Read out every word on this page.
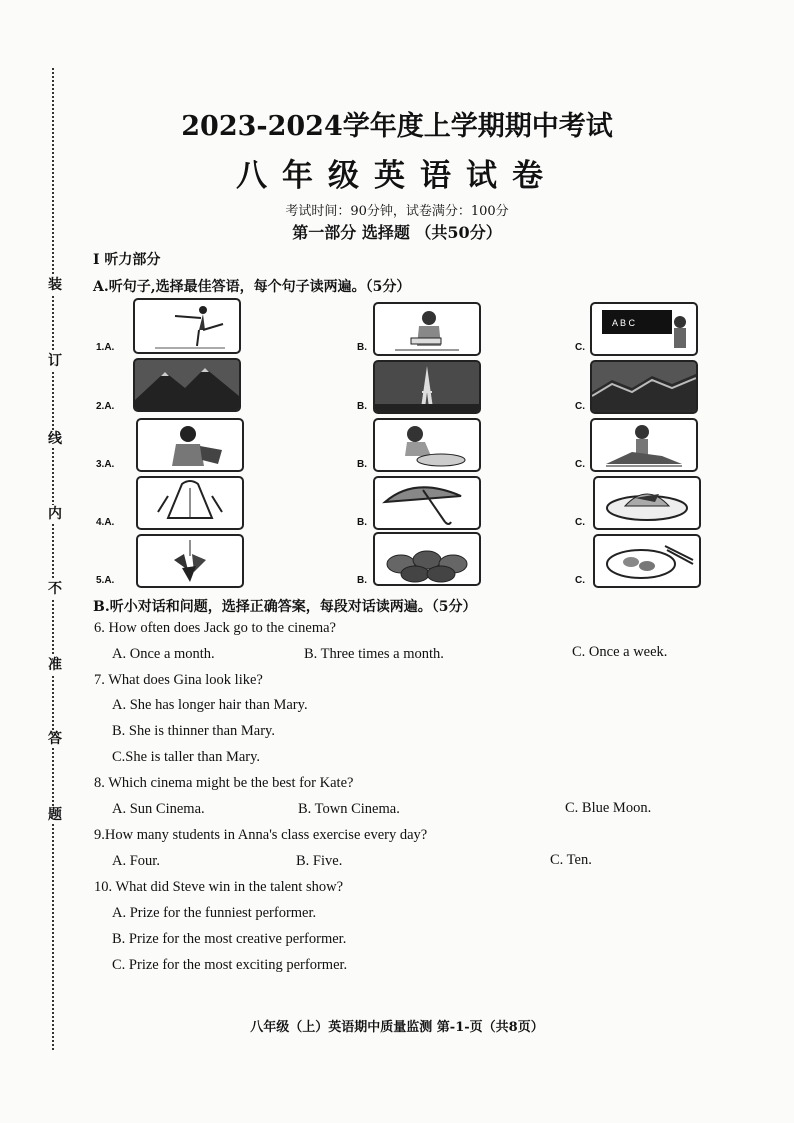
装
订
线
内
不
准
答
题
2023-2024学年度上学期期中考试
八年级英语试卷
考试时间：90分钟，试卷满分：100分
第一部分 选择题 （共50分）
I 听力部分
A.听句子,选择最佳答语，每个句子读两遍。（5分）
1.A.	B.	C.
A B C
2.A.	B.	C.
3.A.	B.	C.
4.A.	B.	C.
5.A.	B.	C.
B.听小对话和问题，选择正确答案，每段对话读两遍。（5分）
6. How often does Jack go to the cinema?
A. Once a month.	B. Three times a month.	C. Once a week.
7. What does Gina look like?
A. She has longer hair than Mary.
B. She is thinner than Mary.
C.She is taller than Mary.
8. Which cinema might be the best for Kate?
A. Sun Cinema.	B. Town Cinema.	C. Blue Moon.
9.How many students in Anna's class exercise every day?
A. Four.	B. Five.	C. Ten.
10. What did Steve win in the talent show?
A. Prize for the funniest performer.
B. Prize for the most creative performer.
C. Prize for the most exciting performer.
八年级（上）英语期中质量监测 第-1-页（共8页）
